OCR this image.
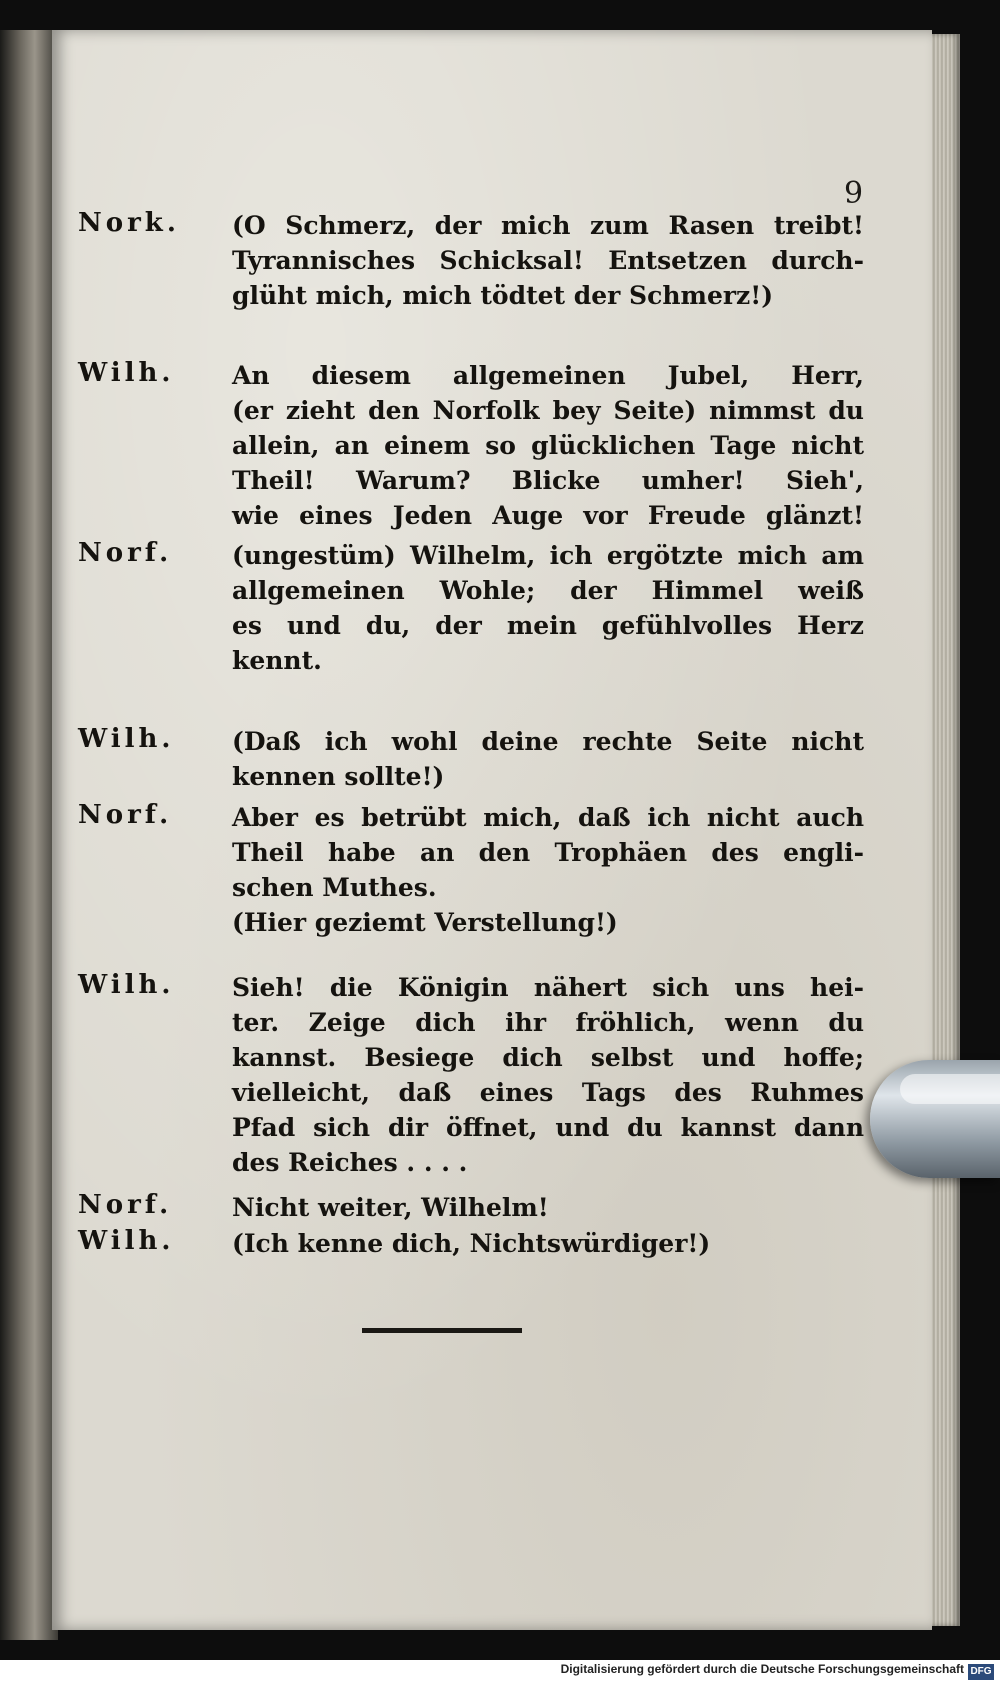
9
Nork. (O Schmerz, der mich zum Rasen treibt!
Tyrannisches Schicksal! Entsetzen durch-
glüht mich, mich tödtet der Schmerz!)
Wilh. An diesem allgemeinen Jubel, Herr,
(er zieht den Norfolk bey Seite) nimmst du
allein, an einem so glücklichen Tage nicht
Theil! Warum? Blicke umher! Sieh',
wie eines Jeden Auge vor Freude glänzt!
Norf. (ungestüm) Wilhelm, ich ergötzte mich am
allgemeinen Wohle; der Himmel weiß
es und du, der mein gefühlvolles Herz
kennt.
Wilh. (Daß ich wohl deine rechte Seite nicht
kennen sollte!)
Norf. Aber es betrübt mich, daß ich nicht auch
Theil habe an den Trophäen des engli-
schen Muthes.
(Hier geziemt Verstellung!)
Wilh. Sieh! die Königin nähert sich uns hei-
ter. Zeige dich ihr fröhlich, wenn du
kannst. Besiege dich selbst und hoffe;
vielleicht, daß eines Tags des Ruhmes
Pfad sich dir öffnet, und du kannst dann
des Reiches . . . .
Norf. Nicht weiter, Wilhelm!
Wilh. (Ich kenne dich, Nichtswürdiger!)
Digitalisierung gefördert durch die Deutsche Forschungsgemeinschaft DFG
